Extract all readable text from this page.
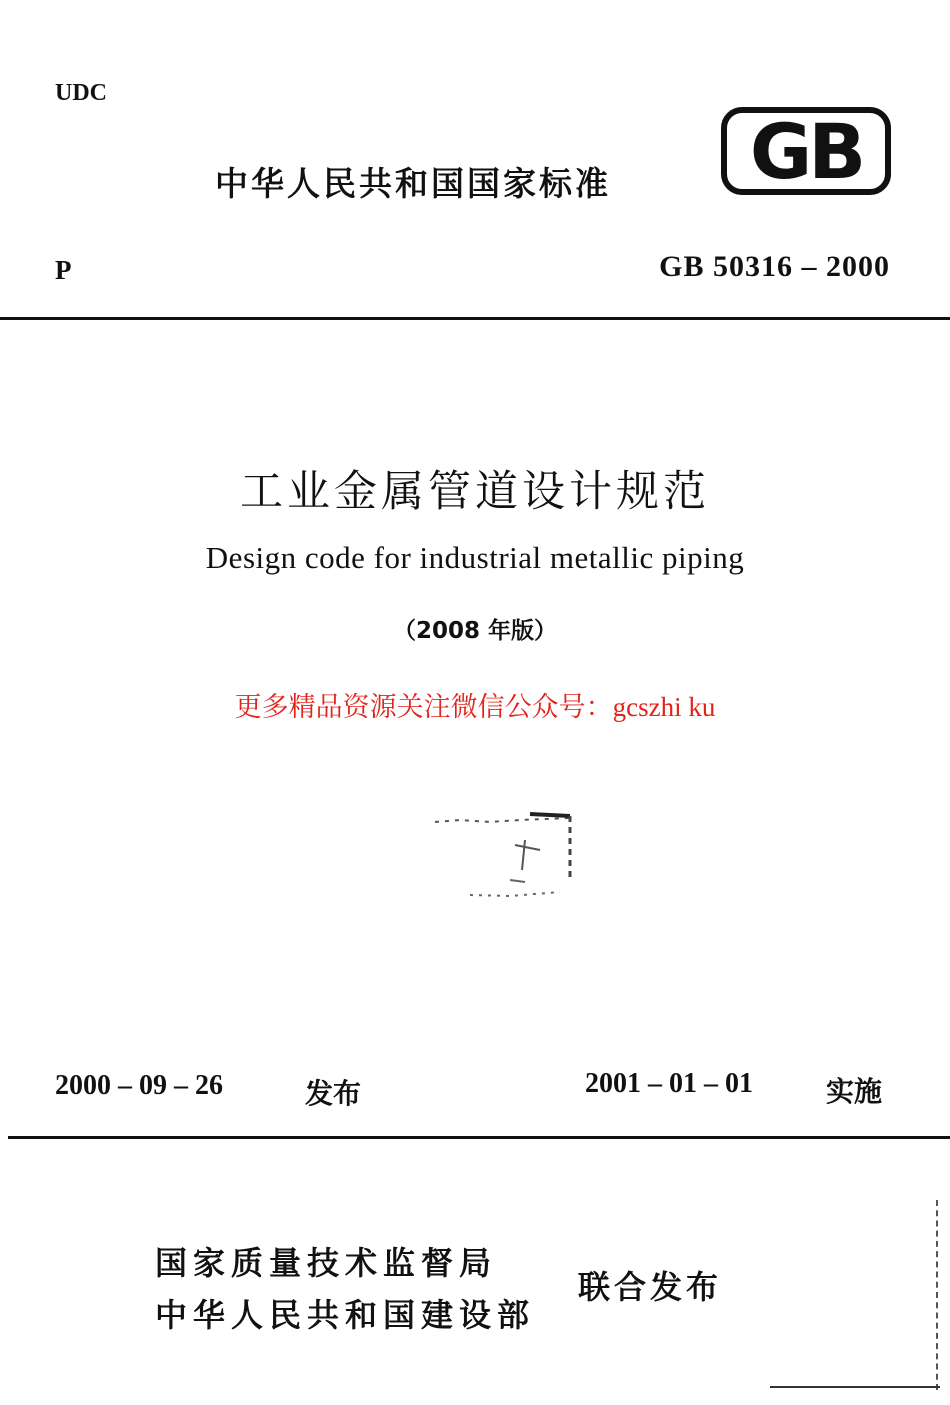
UDC
中华人民共和国国家标准 GB
P	GB 50316 – 2000
工业金属管道设计规范
Design code for industrial metallic piping
（2008 年版）
更多精品资源关注微信公众号：gcszhi ku
2000 – 09 – 26	发布	2001 – 01 – 01	实施
国家质量技术监督局
中华人民共和国建设部
联合发布
